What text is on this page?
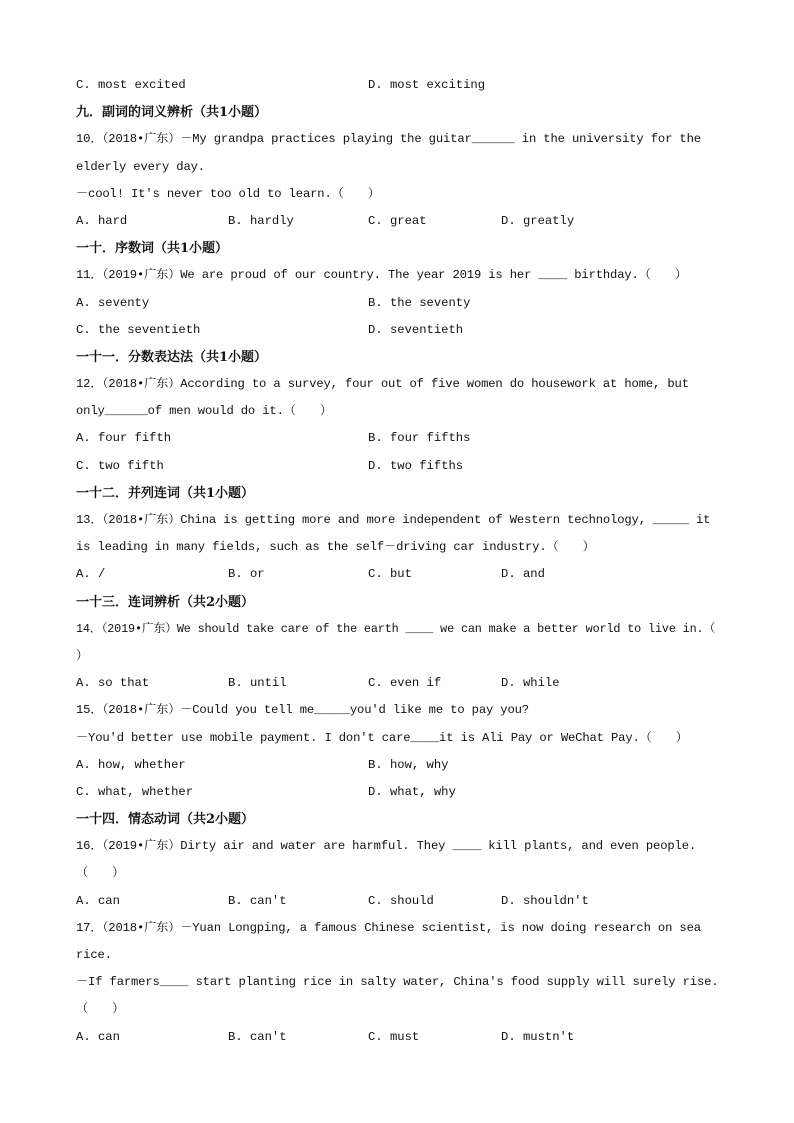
C. most excited	D. most exciting
九．副词的词义辨析（共1小题）
10．（2018•广东）－My grandpa practices playing the guitar______ in the university for the
elderly every day.
－cool! It's never too old to learn.（　　）
A. hard	B. hardly	C. great	D. greatly
一十．序数词（共1小题）
11．（2019•广东）We are proud of our country. The year 2019 is her ____ birthday.（　　）
A. seventy	B. the seventy
C. the seventieth	D. seventieth
一十一．分数表达法（共1小题）
12．（2018•广东）According to a survey, four out of five women do housework at home, but
only______of men would do it.（　　）
A. four fifth	B. four fifths
C. two fifth	D. two fifths
一十二．并列连词（共1小题）
13．（2018•广东）China is getting more and more independent of Western technology, _____ it
is leading in many fields, such as the self－driving car industry.（　　）
A. /	B. or	C. but	D. and
一十三．连词辨析（共2小题）
14．（2019•广东）We should take care of the earth ____ we can make a better world to live in.（
）
A. so that	B. until	C. even if	D. while
15．（2018•广东）－Could you tell me_____you'd like me to pay you?
－You'd better use mobile payment. I don't care____it is Ali Pay or WeChat Pay.（　　）
A. how, whether	B. how, why
C. what, whether	D. what, why
一十四．情态动词（共2小题）
16．（2019•广东）Dirty air and water are harmful. They ____ kill plants, and even people.
（　　）
A. can	B. can't	C. should	D. shouldn't
17．（2018•广东）－Yuan Longping, a famous Chinese scientist, is now doing research on sea
rice.
－If farmers____ start planting rice in salty water, China's food supply will surely rise.
（　　）
A. can	B. can't	C. must	D. mustn't
